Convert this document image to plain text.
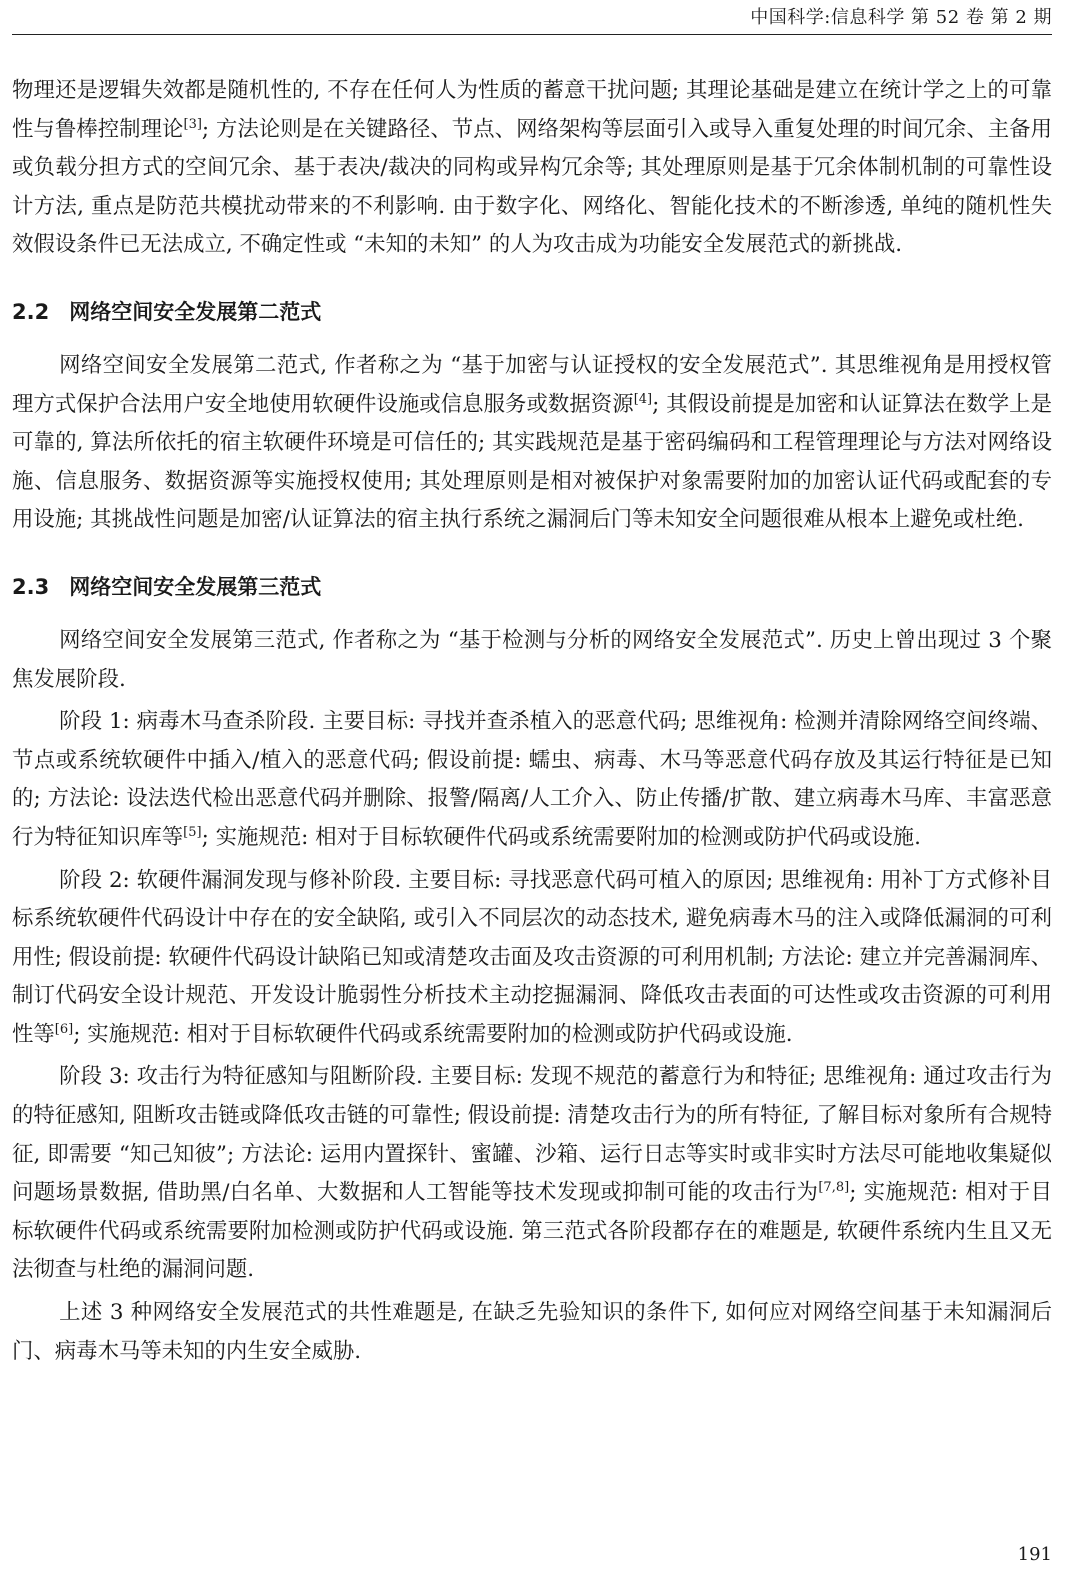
中国科学:信息科学 第 52 卷 第 2 期

物理还是逻辑失效都是随机性的, 不存在任何人为性质的蓄意干扰问题; 其理论基础是建立在统计学之上的可靠性与鲁棒控制理论[3]; 方法论则是在关键路径、节点、网络架构等层面引入或导入重复处理的时间冗余、主备用或负载分担方式的空间冗余、基于表决/裁决的同构或异构冗余等; 其处理原则是基于冗余体制机制的可靠性设计方法, 重点是防范共模扰动带来的不利影响. 由于数字化、网络化、智能化技术的不断渗透, 单纯的随机性失效假设条件已无法成立, 不确定性或 “未知的未知” 的人为攻击成为功能安全发展范式的新挑战.

2.2 网络空间安全发展第二范式

网络空间安全发展第二范式, 作者称之为 “基于加密与认证授权的安全发展范式”. 其思维视角是用授权管理方式保护合法用户安全地使用软硬件设施或信息服务或数据资源[4]; 其假设前提是加密和认证算法在数学上是可靠的, 算法所依托的宿主软硬件环境是可信任的; 其实践规范是基于密码编码和工程管理理论与方法对网络设施、信息服务、数据资源等实施授权使用; 其处理原则是相对被保护对象需要附加的加密认证代码或配套的专用设施; 其挑战性问题是加密/认证算法的宿主执行系统之漏洞后门等未知安全问题很难从根本上避免或杜绝.

2.3 网络空间安全发展第三范式

网络空间安全发展第三范式, 作者称之为 “基于检测与分析的网络安全发展范式”. 历史上曾出现过 3 个聚焦发展阶段.

阶段 1: 病毒木马查杀阶段. 主要目标: 寻找并查杀植入的恶意代码; 思维视角: 检测并清除网络空间终端、节点或系统软硬件中插入/植入的恶意代码; 假设前提: 蠕虫、病毒、木马等恶意代码存放及其运行特征是已知的; 方法论: 设法迭代检出恶意代码并删除、报警/隔离/人工介入、防止传播/扩散、建立病毒木马库、丰富恶意行为特征知识库等[5]; 实施规范: 相对于目标软硬件代码或系统需要附加的检测或防护代码或设施.

阶段 2: 软硬件漏洞发现与修补阶段. 主要目标: 寻找恶意代码可植入的原因; 思维视角: 用补丁方式修补目标系统软硬件代码设计中存在的安全缺陷, 或引入不同层次的动态技术, 避免病毒木马的注入或降低漏洞的可利用性; 假设前提: 软硬件代码设计缺陷已知或清楚攻击面及攻击资源的可利用机制; 方法论: 建立并完善漏洞库、制订代码安全设计规范、开发设计脆弱性分析技术主动挖掘漏洞、降低攻击表面的可达性或攻击资源的可利用性等[6]; 实施规范: 相对于目标软硬件代码或系统需要附加的检测或防护代码或设施.

阶段 3: 攻击行为特征感知与阻断阶段. 主要目标: 发现不规范的蓄意行为和特征; 思维视角: 通过攻击行为的特征感知, 阻断攻击链或降低攻击链的可靠性; 假设前提: 清楚攻击行为的所有特征, 了解目标对象所有合规特征, 即需要 “知己知彼”; 方法论: 运用内置探针、蜜罐、沙箱、运行日志等实时或非实时方法尽可能地收集疑似问题场景数据, 借助黑/白名单、大数据和人工智能等技术发现或抑制可能的攻击行为[7,8]; 实施规范: 相对于目标软硬件代码或系统需要附加检测或防护代码或设施. 第三范式各阶段都存在的难题是, 软硬件系统内生且又无法彻查与杜绝的漏洞问题.

上述 3 种网络安全发展范式的共性难题是, 在缺乏先验知识的条件下, 如何应对网络空间基于未知漏洞后门、病毒木马等未知的内生安全威胁.

191
